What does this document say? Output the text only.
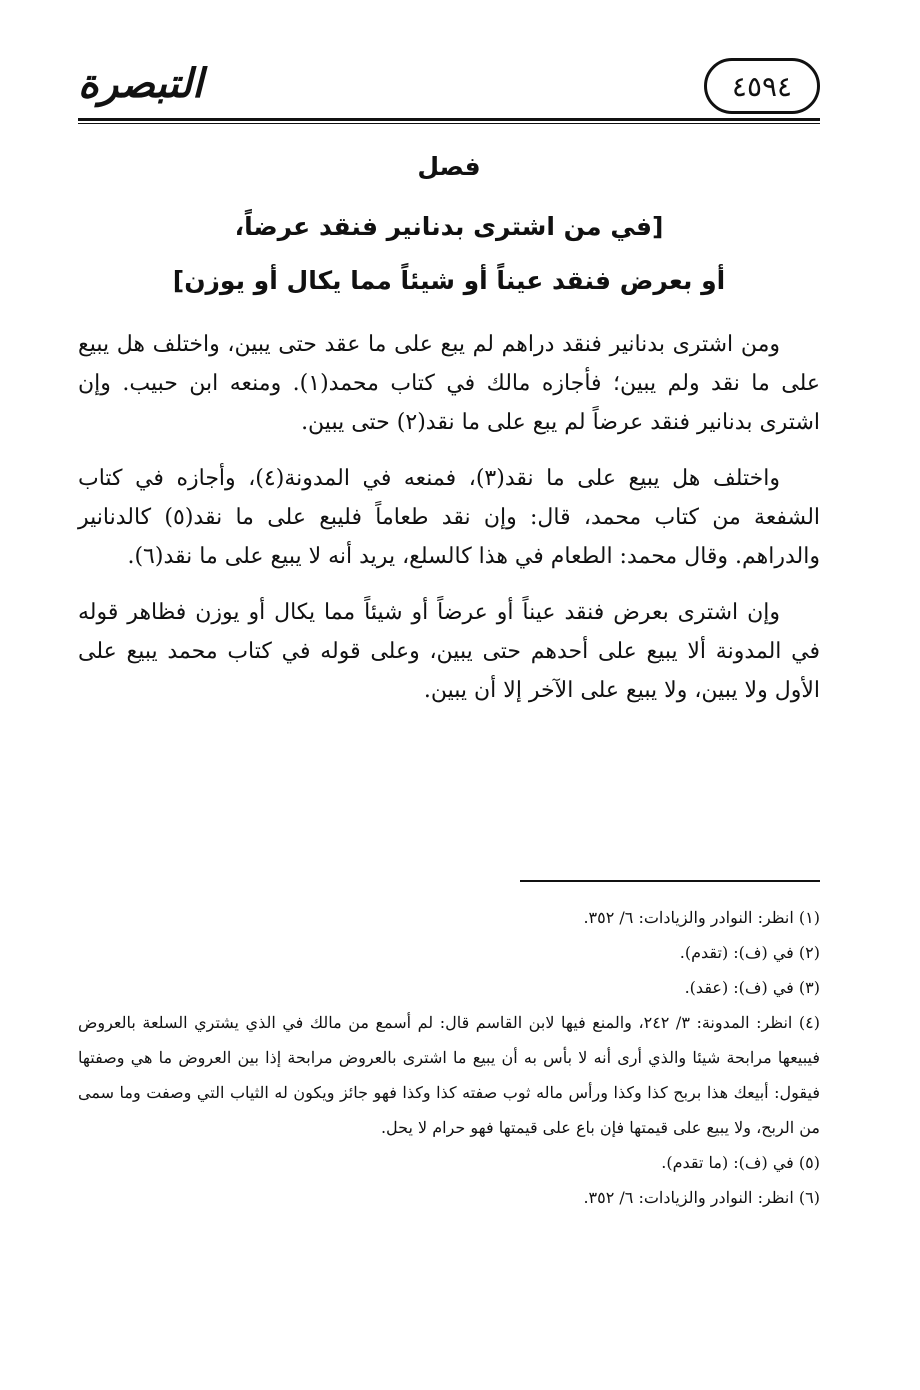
التبصرة	٤٥٩٤
فصل
[في من اشترى بدنانير فنقد عرضاً،
أو بعرض فنقد عيناً أو شيئاً مما يكال أو يوزن]

ومن اشترى بدنانير فنقد دراهم لم يبع على ما عقد حتى يبين، واختلف هل يبيع على ما نقد ولم يبين؛ فأجازه مالك في كتاب محمد(١). ومنعه ابن حبيب. وإن اشترى بدنانير فنقد عرضاً لم يبع على ما نقد(٢) حتى يبين.

واختلف هل يبيع على ما نقد(٣)، فمنعه في المدونة(٤)، وأجازه في كتاب الشفعة من كتاب محمد، قال: وإن نقد طعاماً فليبع على ما نقد(٥) كالدنانير والدراهم. وقال محمد: الطعام في هذا كالسلع، يريد أنه لا يبيع على ما نقد(٦).

وإن اشترى بعرض فنقد عيناً أو عرضاً أو شيئاً مما يكال أو يوزن فظاهر قوله في المدونة ألا يبيع على أحدهم حتى يبين، وعلى قوله في كتاب محمد يبيع على الأول ولا يبين، ولا يبيع على الآخر إلا أن يبين.

(١) انظر: النوادر والزيادات: ٦/ ٣٥٢.
(٢) في (ف): (تقدم).
(٣) في (ف): (عقد).
(٤) انظر: المدونة: ٣/ ٢٤٢، والمنع فيها لابن القاسم قال: لم أسمع من مالك في الذي يشتري السلعة بالعروض فيبيعها مرابحة شيئا والذي أرى أنه لا بأس به أن يبيع ما اشترى بالعروض مرابحة إذا بين العروض ما هي وصفتها فيقول: أبيعك هذا بربح كذا وكذا ورأس ماله ثوب صفته كذا وكذا فهو جائز ويكون له الثياب التي وصفت وما سمى من الربح، ولا يبيع على قيمتها فإن باع على قيمتها فهو حرام لا يحل.
(٥) في (ف): (ما تقدم).
(٦) انظر: النوادر والزيادات: ٦/ ٣٥٢.
